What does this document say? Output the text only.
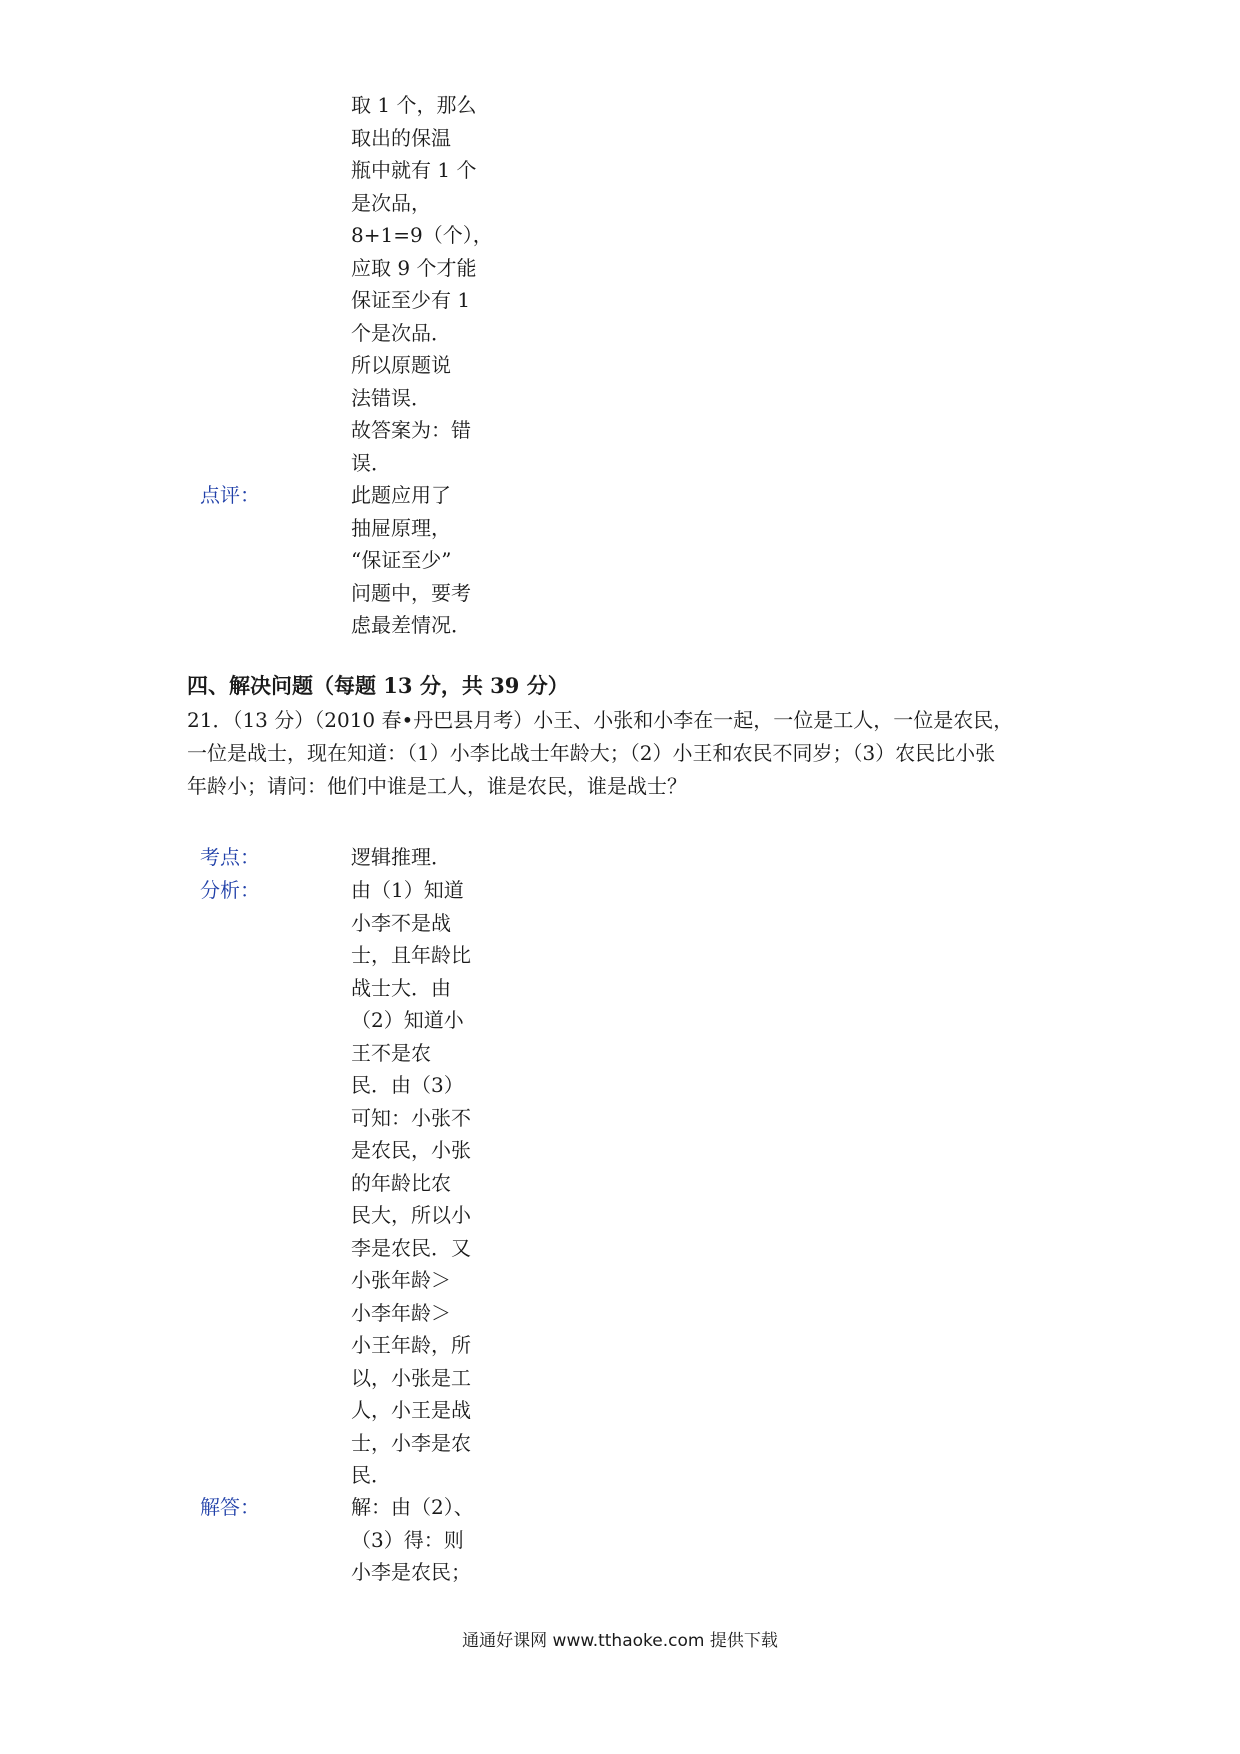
取 1 个，那么
取出的保温
瓶中就有 1 个
是次品，
8+1=9（个），
应取 9 个才能
保证至少有 1
个是次品．
所以原题说
法错误．
故答案为：错
误．
点评：	此题应用了
抽屉原理，
“保证至少”
问题中，要考
虑最差情况．
四、解决问题（每题 13 分，共 39 分）
21．（13 分）（2010 春•丹巴县月考）小王、小张和小李在一起，一位是工人，一位是农民，
一位是战士，现在知道：（1）小李比战士年龄大；（2）小王和农民不同岁；（3）农民比小张
年龄小；请问：他们中谁是工人，谁是农民，谁是战士？
考点：	逻辑推理．
分析：	由（1）知道
小李不是战
士，且年龄比
战士大．由
（2）知道小
王不是农
民．由（3）
可知：小张不
是农民，小张
的年龄比农
民大，所以小
李是农民．又
小张年龄＞
小李年龄＞
小王年龄，所
以，小张是工
人，小王是战
士，小李是农
民．
解答：	解：由（2）、
（3）得：则
小李是农民；
通通好课网 www.tthaoke.com 提供下载
